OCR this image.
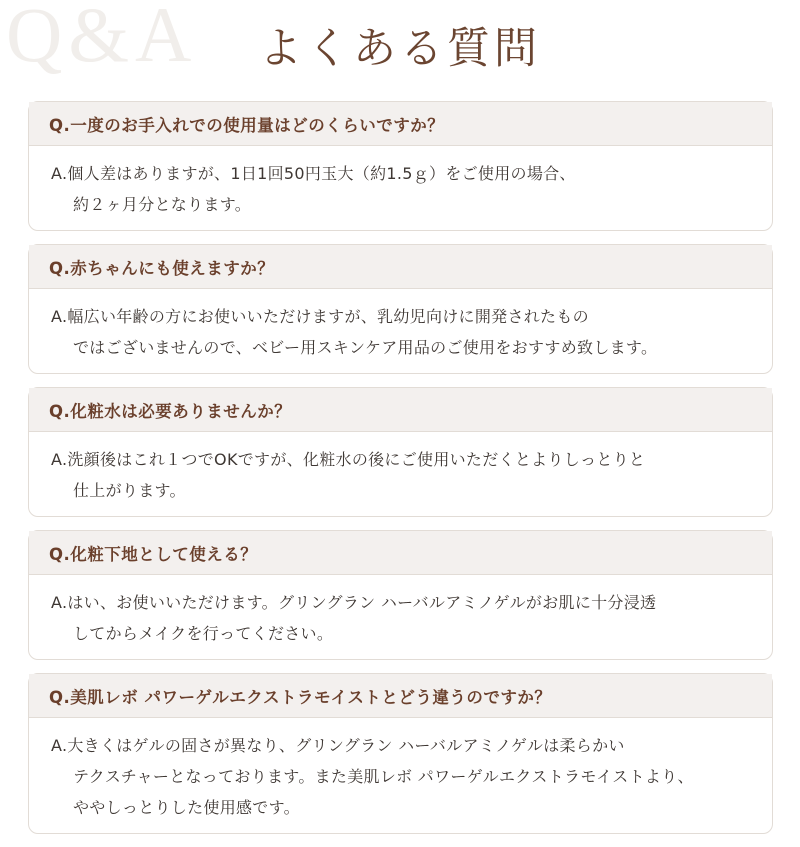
Q&A	よくある質問
Q.一度のお手入れでの使用量はどのくらいですか？
A.個人差はありますが、1日1回50円玉大（約1.5ｇ）をご使用の場合、
約２ヶ月分となります。
Q.赤ちゃんにも使えますか？
A.幅広い年齢の方にお使いいただけますが、乳幼児向けに開発されたもの
ではございませんので、ベビー用スキンケア用品のご使用をおすすめ致します。
Q.化粧水は必要ありませんか？
A.洗顔後はこれ１つでOKですが、化粧水の後にご使用いただくとよりしっとりと
仕上がります。
Q.化粧下地として使える？
A.はい、お使いいただけます。グリングラン ハーバルアミノゲルがお肌に十分浸透
してからメイクを行ってください。
Q.美肌レボ パワーゲルエクストラモイストとどう違うのですか？
A.大きくはゲルの固さが異なり、グリングラン ハーバルアミノゲルは柔らかい
テクスチャーとなっております。また美肌レボ パワーゲルエクストラモイストより、
ややしっとりした使用感です。
